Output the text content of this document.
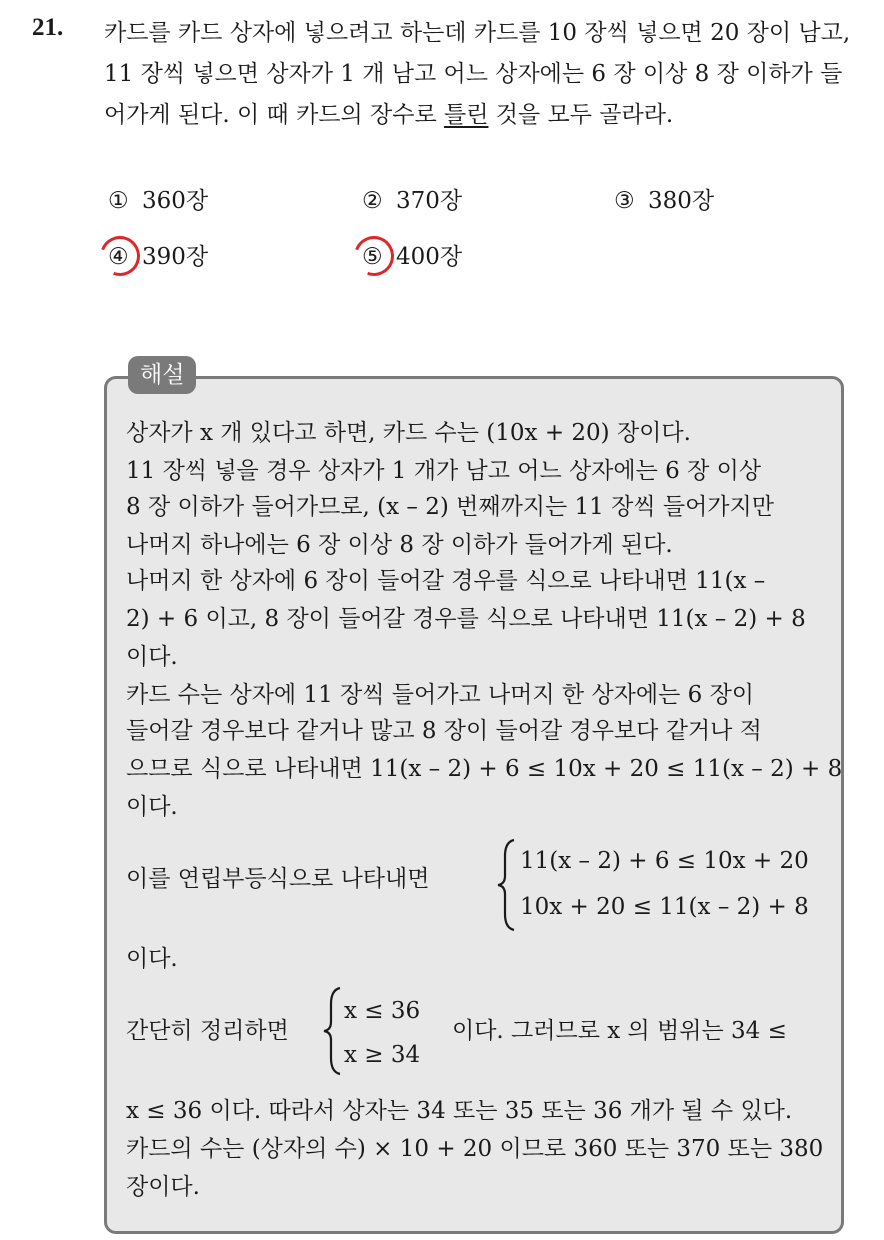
21. 카드를 카드 상자에 넣으려고 하는데 카드를 10 장씩 넣으면 20 장이 남고, 11 장씩 넣으면 상자가 1 개 남고 어느 상자에는 6 장 이상 8 장 이하가 들어가게 된다. 이 때 카드의 장수로 틀린 것을 모두 골라라.
① 360장	② 370장	③ 380장
④ 390장	⑤ 400장
해설
상자가 x 개 있다고 하면, 카드 수는 (10x + 20) 장이다.
11 장씩 넣을 경우 상자가 1 개가 남고 어느 상자에는 6 장 이상
8 장 이하가 들어가므로, (x – 2) 번째까지는 11 장씩 들어가지만
나머지 하나에는 6 장 이상 8 장 이하가 들어가게 된다.
나머지 한 상자에 6 장이 들어갈 경우를 식으로 나타내면 11(x –
2) + 6 이고, 8 장이 들어갈 경우를 식으로 나타내면 11(x – 2) + 8
이다.
카드 수는 상자에 11 장씩 들어가고 나머지 한 상자에는 6 장이
들어갈 경우보다 같거나 많고 8 장이 들어갈 경우보다 같거나 적
으므로 식으로 나타내면 11(x – 2) + 6 ≤ 10x + 20 ≤ 11(x – 2) + 8
이다.
이를 연립부등식으로 나타내면
11(x – 2) + 6 ≤ 10x + 20
10x + 20 ≤ 11(x – 2) + 8
이다.
간단히 정리하면
x ≤ 36
x ≥ 34
이다. 그러므로 x 의 범위는 34 ≤
x ≤ 36 이다. 따라서 상자는 34 또는 35 또는 36 개가 될 수 있다.
카드의 수는 (상자의 수) × 10 + 20 이므로 360 또는 370 또는 380
장이다.
